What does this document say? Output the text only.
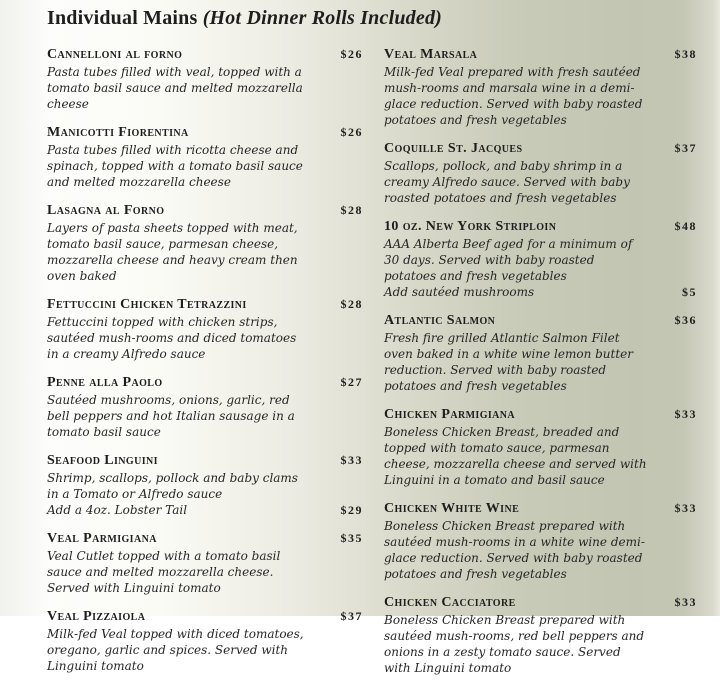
Individual Mains (Hot Dinner Rolls Included)
Cannelloni al forno	$26
Pasta tubes filled with veal, topped with a tomato basil sauce and melted mozzarella cheese
Manicotti Fiorentina	$26
Pasta tubes filled with ricotta cheese and spinach, topped with a tomato basil sauce and melted mozzarella cheese
Lasagna al Forno	$28
Layers of pasta sheets topped with meat, tomato basil sauce, parmesan cheese, mozzarella cheese and heavy cream then oven baked
Fettuccini Chicken Tetrazzini	$28
Fettuccini topped with chicken strips, sautéed mush-rooms and diced tomatoes in a creamy Alfredo sauce
Penne alla Paolo	$27
Sautéed mushrooms, onions, garlic, red bell peppers and hot Italian sausage in a tomato basil sauce
Seafood Linguini	$33
Shrimp, scallops, pollock and baby clams in a Tomato or Alfredo sauce
Add a 4oz. Lobster Tail	$29
Veal Parmigiana	$35
Veal Cutlet topped with a tomato basil sauce and melted mozzarella cheese. Served with Linguini tomato
Veal Pizzaiola	$37
Milk-fed Veal topped with diced tomatoes, oregano, garlic and spices. Served with Linguini tomato
Veal Marsala	$38
Milk-fed Veal prepared with fresh sautéed mush-rooms and marsala wine in a demi-glace reduction. Served with baby roasted potatoes and fresh vegetables
Coquille St. Jacques	$37
Scallops, pollock, and baby shrimp in a creamy Alfredo sauce. Served with baby roasted potatoes and fresh vegetables
10 oz. New York Striploin	$48
AAA Alberta Beef aged for a minimum of 30 days. Served with baby roasted potatoes and fresh vegetables
Add sautéed mushrooms	$5
Atlantic Salmon	$36
Fresh fire grilled Atlantic Salmon Filet oven baked in a white wine lemon butter reduction. Served with baby roasted potatoes and fresh vegetables
Chicken Parmigiana	$33
Boneless Chicken Breast, breaded and topped with tomato sauce, parmesan cheese, mozzarella cheese and served with Linguini in a tomato and basil sauce
Chicken White Wine	$33
Boneless Chicken Breast prepared with sautéed mush-rooms in a white wine demi-glace reduction. Served with baby roasted potatoes and fresh vegetables
Chicken Cacciatore	$33
Boneless Chicken Breast prepared with sautéed mush-rooms, red bell peppers and onions in a zesty tomato sauce. Served with Linguini tomato
